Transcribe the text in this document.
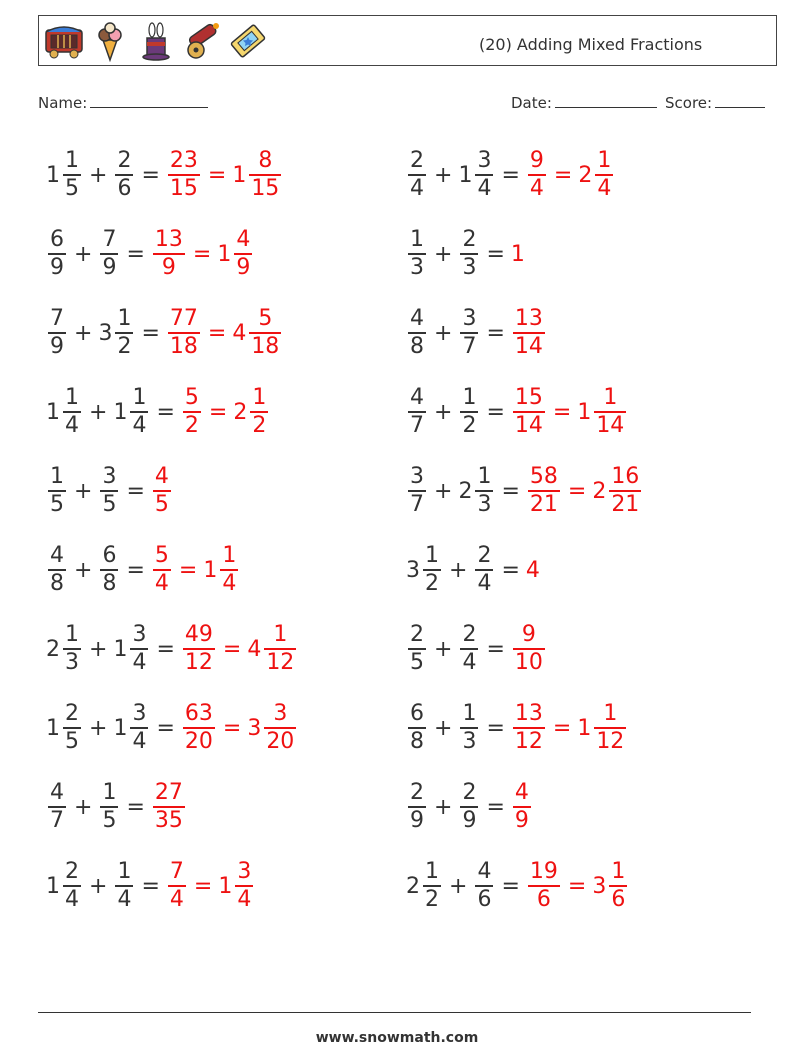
(20) Adding Mixed Fractions
Name:	Date:	Score:
$1 \frac{1}{5} + \frac{2}{6} = \frac{23}{15} = 1 \frac{8}{15}$	$\frac{2}{4} + 1 \frac{3}{4} = \frac{9}{4} = 2 \frac{1}{4}$
$\frac{6}{9} + \frac{7}{9} = \frac{13}{9} = 1 \frac{4}{9}$	$\frac{1}{3} + \frac{2}{3} = 1$
$\frac{7}{9} + 3 \frac{1}{2} = \frac{77}{18} = 4 \frac{5}{18}$	$\frac{4}{8} + \frac{3}{7} = \frac{13}{14}$
$1 \frac{1}{4} + 1 \frac{1}{4} = \frac{5}{2} = 2 \frac{1}{2}$	$\frac{4}{7} + \frac{1}{2} = \frac{15}{14} = 1 \frac{1}{14}$
$\frac{1}{5} + \frac{3}{5} = \frac{4}{5}$	$\frac{3}{7} + 2 \frac{1}{3} = \frac{58}{21} = 2 \frac{16}{21}$
$\frac{4}{8} + \frac{6}{8} = \frac{5}{4} = 1 \frac{1}{4}$	$3 \frac{1}{2} + \frac{2}{4} = 4$
$2 \frac{1}{3} + 1 \frac{3}{4} = \frac{49}{12} = 4 \frac{1}{12}$	$\frac{2}{5} + \frac{2}{4} = \frac{9}{10}$
$1 \frac{2}{5} + 1 \frac{3}{4} = \frac{63}{20} = 3 \frac{3}{20}$	$\frac{6}{8} + \frac{1}{3} = \frac{13}{12} = 1 \frac{1}{12}$
$\frac{4}{7} + \frac{1}{5} = \frac{27}{35}$	$\frac{2}{9} + \frac{2}{9} = \frac{4}{9}$
$1 \frac{2}{4} + \frac{1}{4} = \frac{7}{4} = 1 \frac{3}{4}$	$2 \frac{1}{2} + \frac{4}{6} = \frac{19}{6} = 3 \frac{1}{6}$
www.snowmath.com
